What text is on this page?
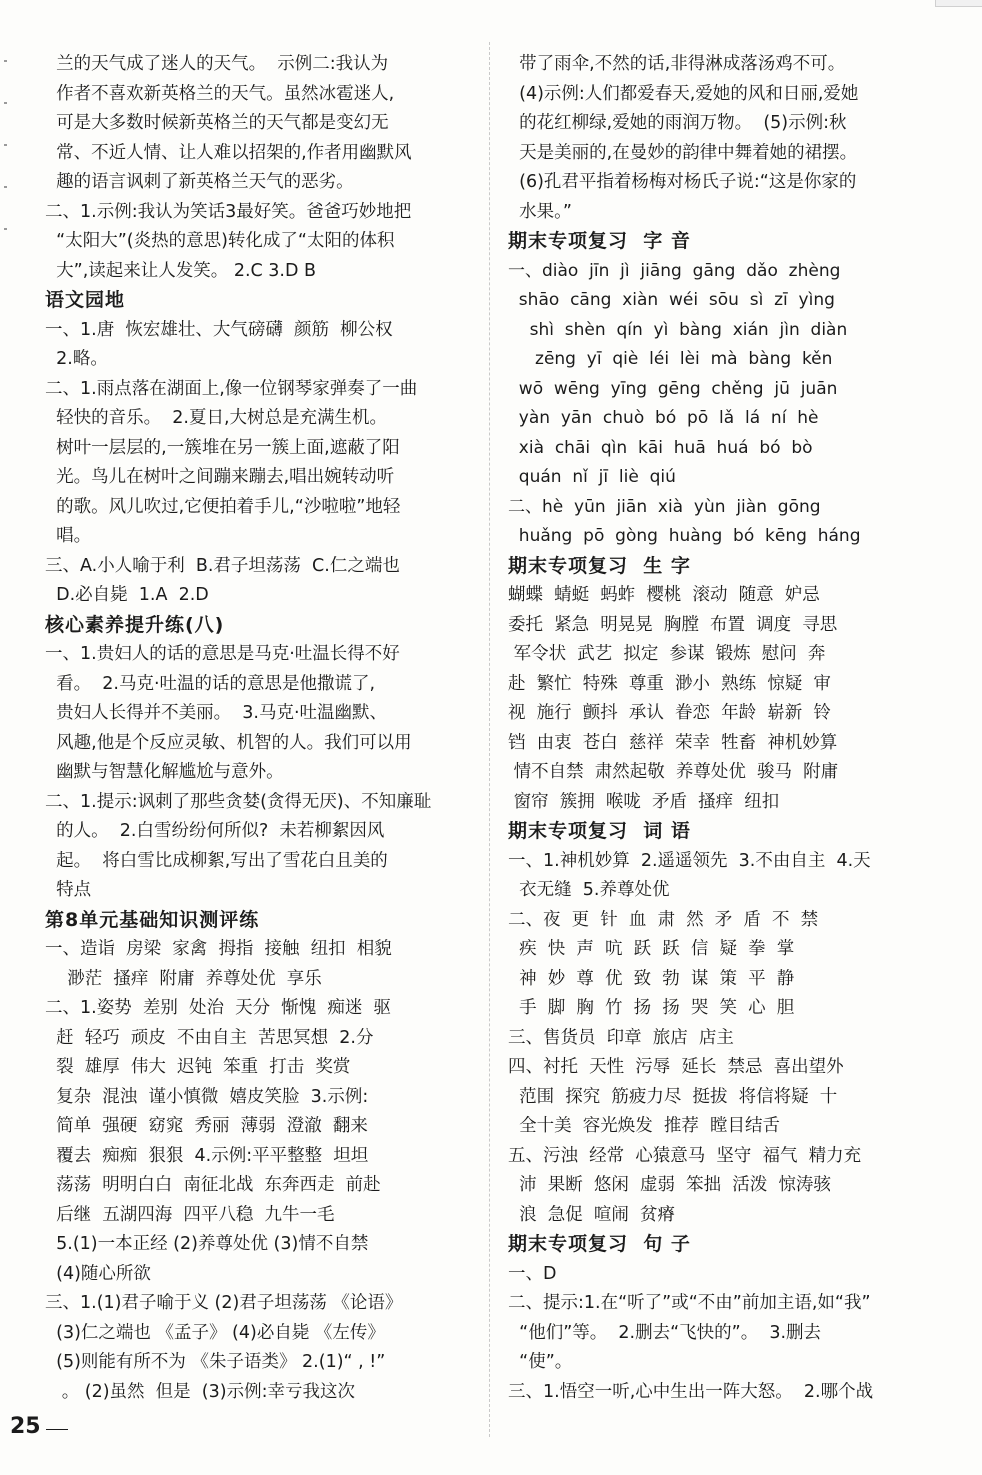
兰的天气成了迷人的天气。  示例二:我认为
作者不喜欢新英格兰的天气。虽然冰雹迷人,
可是大多数时候新英格兰的天气都是变幻无
常、不近人情、让人难以招架的,作者用幽默风
趣的语言讽刺了新英格兰天气的恶劣。
二、1.示例:我认为笑话3最好笑。爸爸巧妙地把
“太阳大”(炎热的意思)转化成了“太阳的体积
大”,读起来让人发笑。 2.C 3.D B
语文园地
一、1.唐  恢宏雄壮、大气磅礴  颜筋  柳公权
2.略。
二、1.雨点落在湖面上,像一位钢琴家弹奏了一曲
轻快的音乐。  2.夏日,大树总是充满生机。
树叶一层层的,一簇堆在另一簇上面,遮蔽了阳
光。鸟儿在树叶之间蹦来蹦去,唱出婉转动听
的歌。风儿吹过,它便拍着手儿,“沙啦啦”地轻
唱。
三、A.小人喻于利  B.君子坦荡荡  C.仁之端也
D.必自毙  1.A  2.D
核心素养提升练(八)
一、1.贵妇人的话的意思是马克·吐温长得不好
看。  2.马克·吐温的话的意思是他撒谎了,
贵妇人长得并不美丽。  3.马克·吐温幽默、
风趣,他是个反应灵敏、机智的人。我们可以用
幽默与智慧化解尴尬与意外。
二、1.提示:讽刺了那些贪婪(贪得无厌)、不知廉耻
的人。  2.白雪纷纷何所似?  未若柳絮因风
起。  将白雪比成柳絮,写出了雪花白且美的
特点
第8单元基础知识测评练
一、造诣  房梁  家禽  拇指  接触  纽扣  相貌
渺茫  搔痒  附庸  养尊处优  享乐
二、1.姿势  差别  处治  天分  惭愧  痴迷  驱
赶  轻巧  顽皮  不由自主  苦思冥想  2.分
裂  雄厚  伟大  迟钝  笨重  打击  奖赏
复杂  混浊  谨小慎微  嬉皮笑脸  3.示例:
简单  强硬  窈窕  秀丽  薄弱  澄澈  翻来
覆去  痴痴  狠狠  4.示例:平平整整  坦坦
荡荡  明明白白  南征北战  东奔西走  前赴
后继  五湖四海  四平八稳  九牛一毛
5.(1)一本正经 (2)养尊处优 (3)情不自禁
(4)随心所欲
三、1.(1)君子喻于义 (2)君子坦荡荡 《论语》
(3)仁之端也 《孟子》 (4)必自毙 《左传》
(5)则能有所不为 《朱子语类》 2.(1)“ , !”
。 (2)虽然  但是  (3)示例:幸亏我这次
带了雨伞,不然的话,非得淋成落汤鸡不可。
(4)示例:人们都爱春天,爱她的风和日丽,爱她
的花红柳绿,爱她的雨润万物。  (5)示例:秋
天是美丽的,在曼妙的韵律中舞着她的裙摆。
(6)孔君平指着杨梅对杨氏子说:“这是你家的
水果。”
期末专项复习  字 音
一、diào  jīn  jì  jiāng  gāng  dǎo  zhèng
shāo  cāng  xiàn  wéi  sōu  sì  zī  yìng
shì  shèn  qín  yì  bàng  xián  jìn  diàn
zēng  yī  qiè  léi  lèi  mà  bàng  kěn
wō  wēng  yīng  gēng  chěng  jū  juān
yàn  yān  chuò  bó  pō  lǎ  lá  ní  hè
xià  chāi  qìn  kāi  huā  huá  bó  bò
quán  nǐ  jī  liè  qiú
二、hè  yūn  jiān  xià  yùn  jiàn  gōng
huǎng  pō  gòng  huàng  bó  kēng  háng
期末专项复习  生 字
蝴蝶  蜻蜓  蚂蚱  樱桃  滚动  随意  妒忌
委托  紧急  明晃晃  胸膛  布置  调度  寻思
军令状  武艺  拟定  参谋  锻炼  慰问  奔
赴  繁忙  特殊  尊重  渺小  熟练  惊疑  审
视  施行  颤抖  承认  眷恋  年龄  崭新  铃
铛  由衷  苍白  慈祥  荣幸  牲畜  神机妙算
情不自禁  肃然起敬  养尊处优  骏马  附庸
窗帘  簇拥  喉咙  矛盾  搔痒  纽扣
期末专项复习  词 语
一、1.神机妙算  2.遥遥领先  3.不由自主  4.天
衣无缝  5.养尊处优
二、夜  更  针  血  肃  然  矛  盾  不  禁
疾  快  声  吭  跃  跃  信  疑  拳  掌
神  妙  尊  优  致  勃  谋  策  平  静
手  脚  胸  竹  扬  扬  哭  笑  心  胆
三、售货员  印章  旅店  店主
四、衬托  天性  污辱  延长  禁忌  喜出望外
范围  探究  筋疲力尽  挺拔  将信将疑  十
全十美  容光焕发  推荐  瞠目结舌
五、污浊  经常  心猿意马  坚守  福气  精力充
沛  果断  悠闲  虚弱  笨拙  活泼  惊涛骇
浪  急促  喧闹  贫瘠
期末专项复习  句 子
一、D
二、提示:1.在“听了”或“不由”前加主语,如“我”
“他们”等。  2.删去“飞快的”。  3.删去
“使”。
三、1.悟空一听,心中生出一阵大怒。  2.哪个战
25
